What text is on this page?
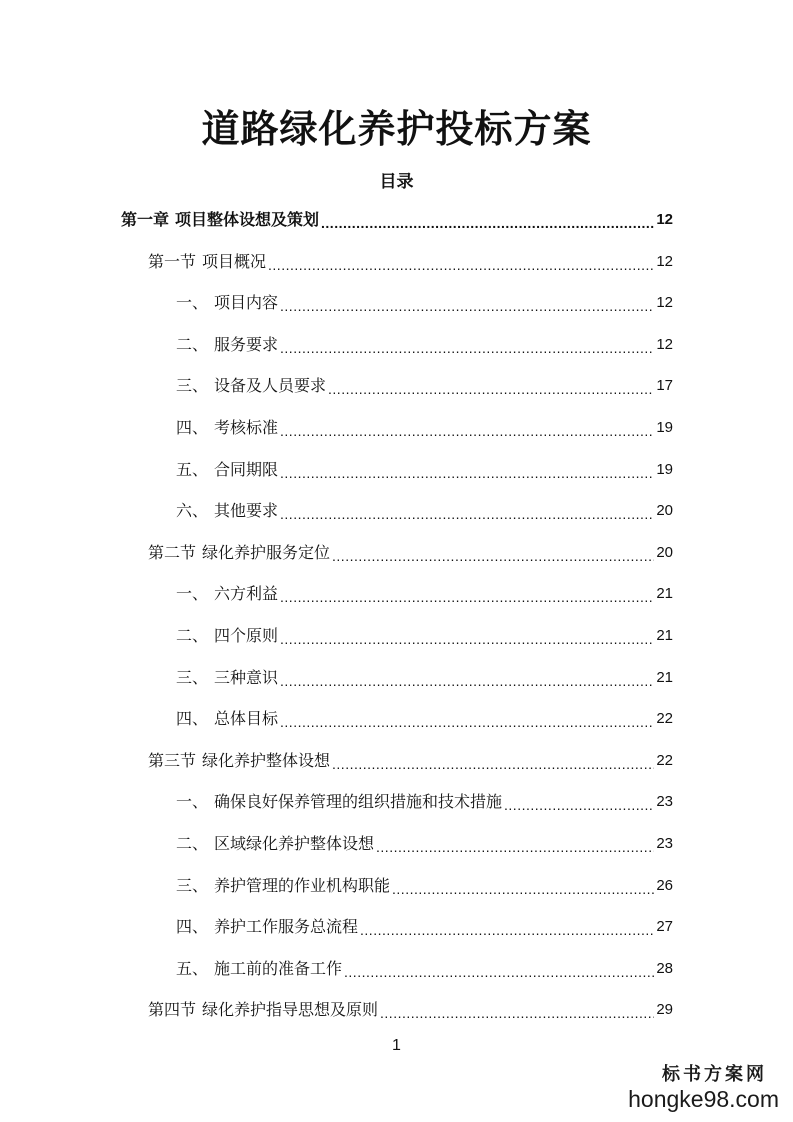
道路绿化养护投标方案
目录
第一章 项目整体设想及策划 .....	12
第一节 项目概况 .....	12
一、 项目内容 .....	12
二、 服务要求 .....	12
三、 设备及人员要求 .....	17
四、 考核标准 .....	19
五、 合同期限 .....	19
六、 其他要求 .....	20
第二节 绿化养护服务定位 .....	20
一、 六方利益 .....	21
二、 四个原则 .....	21
三、 三种意识 .....	21
四、 总体目标 .....	22
第三节 绿化养护整体设想 .....	22
一、 确保良好保养管理的组织措施和技术措施 .....	23
二、 区域绿化养护整体设想 .....	23
三、 养护管理的作业机构职能 .....	26
四、 养护工作服务总流程 .....	27
五、 施工前的准备工作 .....	28
第四节 绿化养护指导思想及原则 .....	29
1
标书方案网
hongke98.com
